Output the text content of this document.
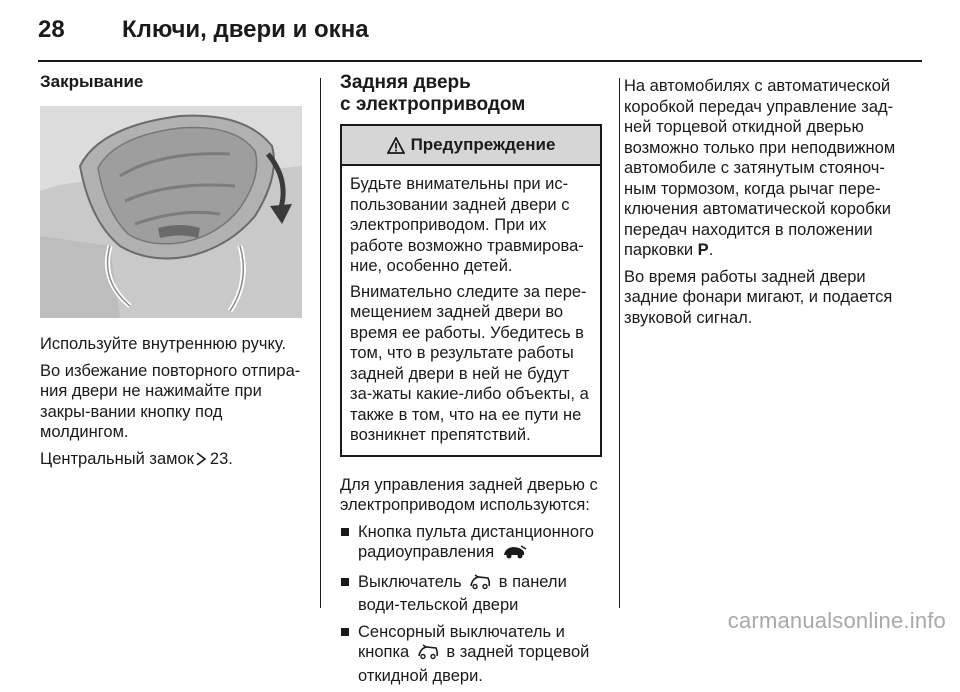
28 Ключи, двери и окна
Закрывание

Используйте внутреннюю ручку.

Во избежание повторного отпира-ния двери не нажимайте при закры-вании кнопку под молдингом.

Центральный замок 23.

Задняя дверь
с электроприводом
Предупреждение

Будьте внимательны при ис-пользовании задней двери с электроприводом. При их работе возможно травмирова-ние, особенно детей.

Внимательно следите за пере-мещением задней двери во время ее работы. Убедитесь в том, что в результате работы задней двери в ней не будут за-жаты какие-либо объекты, а также в том, что на ее пути не возникнет препятствий.

Для управления задней дверью с электроприводом используются:

Кнопка пульта дистанционного радиоуправления
Выключатель в панели води-тельской двери
Сенсорный выключатель и кнопка в задней торцевой откидной двери.

На автомобилях с автоматической коробкой передач управление зад-ней торцевой откидной дверью возможно только при неподвижном автомобиле с затянутым стояноч-ным тормозом, когда рычаг пере-ключения автоматической коробки передач находится в положении парковки P.

Во время работы задней двери задние фонари мигают, и подается звуковой сигнал.

carmanualsonline.info
